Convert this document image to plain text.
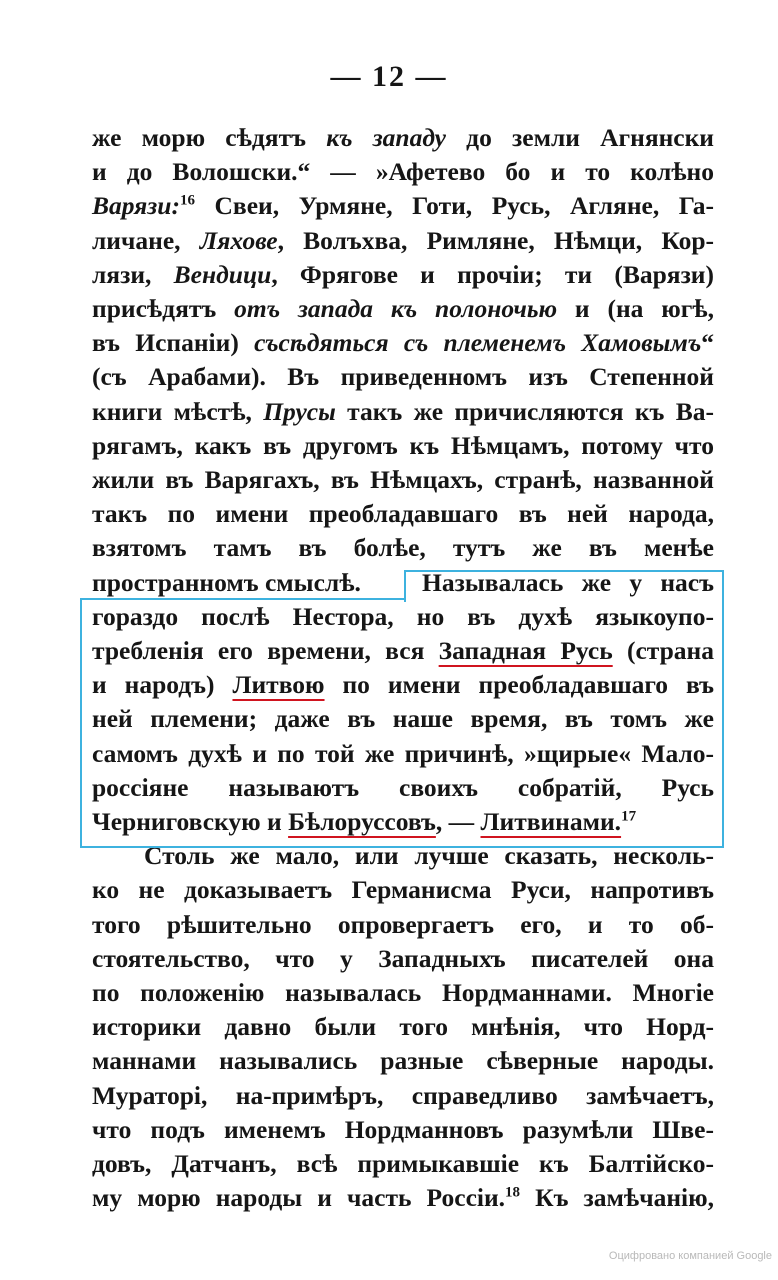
— 12 —
же морю сѣдятъ къ западу до земли Агнянски
и до Волошски.“ — »Афетево бо и то колѣно
Варязи:$^{16}$ Свеи, Урмяне, Готи, Русь, Агляне, Га-
личане, Ляхове, Волъхва, Римляне, Нѣмци, Кор-
лязи, Вендици, Фрягове и прочіи; ти (Варязи)
присѣдятъ отъ запада къ полоночью и (на югѣ,
въ Испаніи) съсѣдяться съ племенемъ Хамовымъ“
(съ Арабами). Въ приведенномъ изъ Степенной
книги мѣстѣ, Прусы такъ же причисляются къ Ва-
рягамъ, какъ въ другомъ къ Нѣмцамъ, потому что
жили въ Варягахъ, въ Нѣмцахъ, странѣ, названной
такъ по имени преобладавшаго въ ней народа,
взятомъ тамъ въ болѣе, тутъ же въ менѣе
пространномъ смыслѣ.	Называлась же у насъ
гораздо послѣ Нестора, но въ духѣ языкоупо-
требленія его времени, вся Западная Русь (страна
и народъ) Литвою по имени преобладавшаго въ
ней племени; даже въ наше время, въ томъ же
самомъ духѣ и по той же причинѣ, »щирые« Мало-
россіяне называютъ своихъ собратій, Русь
Черниговскую и Бѣлоруссовъ, — Литвинами.$^{17}$
Столь же мало, или лучше сказать, несколь-
ко не доказываетъ Германисма Руси, напротивъ
того рѣшительно опровергаетъ его, и то об-
стоятельство, что у Западныхъ писателей она
по положенію называлась Нордманнами. Многіе
историки давно были того мнѣнія, что Норд-
маннами назывались разные сѣверные народы.
Мураторі, на-примѣръ, справедливо замѣчаетъ,
что подъ именемъ Нордманновъ разумѣли Шве-
довъ, Датчанъ, всѣ примыкавшіе къ Балтійско-
му морю народы и часть Россіи.$^{18}$ Къ замѣчанію,
Оцифровано компанией Google
